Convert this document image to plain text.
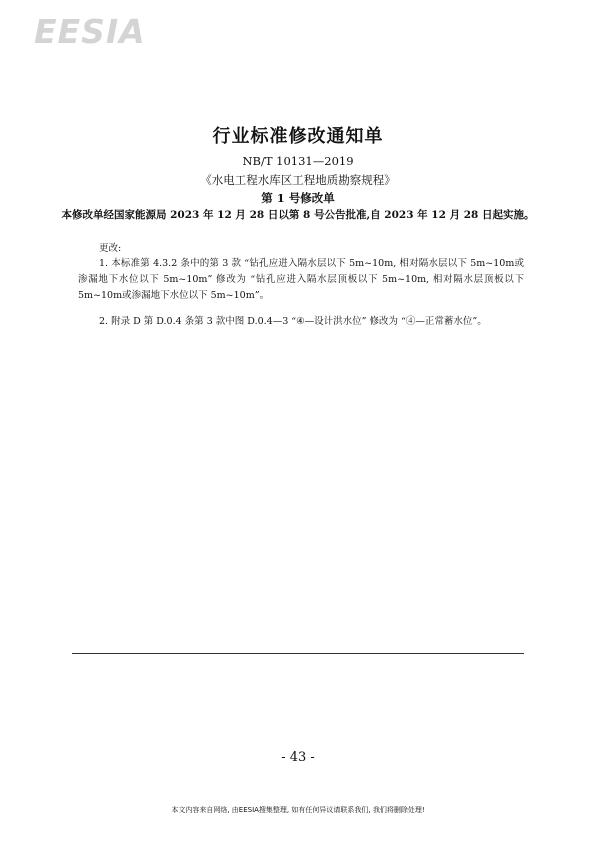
EESIA
行业标准修改通知单
NB/T 10131—2019
《水电工程水库区工程地质勘察规程》
第 1 号修改单
本修改单经国家能源局 2023 年 12 月 28 日以第 8 号公告批准,自 2023 年 12 月 28 日起实施。
更改:
1. 本标准第 4.3.2 条中的第 3 款 “钻孔应进入隔水层以下 5m~10m, 相对隔水层以下 5m~10m或渗漏地下水位以下 5m~10m” 修改为 “钻孔应进入隔水层顶板以下 5m~10m, 相对隔水层顶板以下 5m~10m或渗漏地下水位以下 5m~10m”。
2. 附录 D 第 D.0.4 条第 3 款中图 D.0.4—3 “④—设计洪水位” 修改为 “④—正常蓄水位”。
- 43 -
本文内容来自网络, 由EESIA搜集整理, 如有任何异议请联系我们, 我们将删除处理!
